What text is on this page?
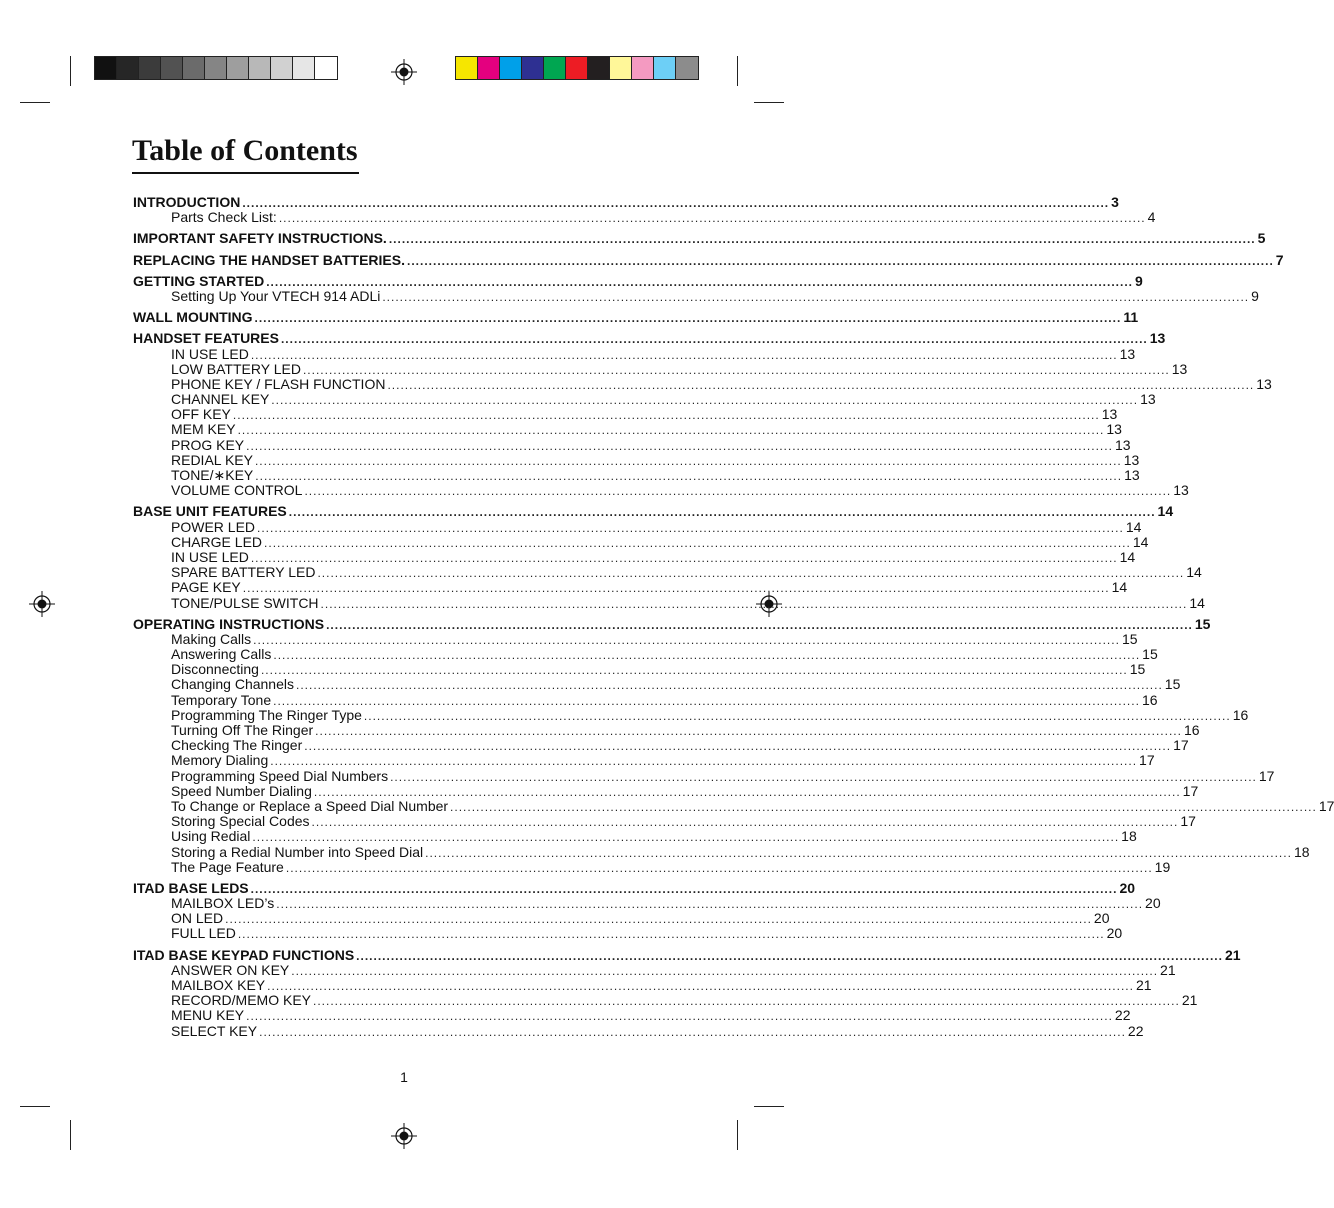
Table of Contents
INTRODUCTION ........................................................................................................................................................................................................ 3
Parts Check List: ........................................................................................................................................................................................................ 4
IMPORTANT SAFETY INSTRUCTIONS. ........................................................................................................................................................................................................ 5
REPLACING THE HANDSET BATTERIES. ........................................................................................................................................................................................................ 7
GETTING STARTED ........................................................................................................................................................................................................ 9
Setting Up Your VTECH 914 ADLi ........................................................................................................................................................................................................ 9
WALL MOUNTING ........................................................................................................................................................................................................ 11
HANDSET FEATURES ........................................................................................................................................................................................................ 13
IN USE LED ........................................................................................................................................................................................................ 13
LOW BATTERY LED ........................................................................................................................................................................................................ 13
PHONE KEY / FLASH FUNCTION ........................................................................................................................................................................................................ 13
CHANNEL KEY ........................................................................................................................................................................................................ 13
OFF KEY ........................................................................................................................................................................................................ 13
MEM KEY ........................................................................................................................................................................................................ 13
PROG KEY ........................................................................................................................................................................................................ 13
REDIAL KEY ........................................................................................................................................................................................................ 13
TONE/∗KEY ........................................................................................................................................................................................................ 13
VOLUME CONTROL ........................................................................................................................................................................................................ 13
BASE UNIT FEATURES ........................................................................................................................................................................................................ 14
POWER LED ........................................................................................................................................................................................................ 14
CHARGE LED ........................................................................................................................................................................................................ 14
IN USE LED ........................................................................................................................................................................................................ 14
SPARE BATTERY LED ........................................................................................................................................................................................................ 14
PAGE KEY ........................................................................................................................................................................................................ 14
TONE/PULSE SWITCH ........................................................................................................................................................................................................ 14
OPERATING INSTRUCTIONS ........................................................................................................................................................................................................ 15
Making Calls ........................................................................................................................................................................................................ 15
Answering Calls ........................................................................................................................................................................................................ 15
Disconnecting ........................................................................................................................................................................................................ 15
Changing Channels ........................................................................................................................................................................................................ 15
Temporary Tone ........................................................................................................................................................................................................ 16
Programming The Ringer Type ........................................................................................................................................................................................................ 16
Turning Off The Ringer ........................................................................................................................................................................................................ 16
Checking The Ringer ........................................................................................................................................................................................................ 17
Memory Dialing ........................................................................................................................................................................................................ 17
Programming Speed Dial Numbers ........................................................................................................................................................................................................ 17
Speed Number Dialing ........................................................................................................................................................................................................ 17
To Change or Replace a Speed Dial Number ........................................................................................................................................................................................................ 17
Storing Special Codes ........................................................................................................................................................................................................ 17
Using Redial ........................................................................................................................................................................................................ 18
Storing a Redial Number into Speed Dial ........................................................................................................................................................................................................ 18
The Page Feature ........................................................................................................................................................................................................ 19
ITAD BASE LEDS ........................................................................................................................................................................................................ 20
MAILBOX LED’s ........................................................................................................................................................................................................ 20
ON LED ........................................................................................................................................................................................................ 20
FULL LED ........................................................................................................................................................................................................ 20
ITAD BASE KEYPAD FUNCTIONS ........................................................................................................................................................................................................ 21
ANSWER ON KEY ........................................................................................................................................................................................................ 21
MAILBOX KEY ........................................................................................................................................................................................................ 21
RECORD/MEMO KEY ........................................................................................................................................................................................................ 21
MENU KEY ........................................................................................................................................................................................................ 22
SELECT KEY ........................................................................................................................................................................................................ 22
1
